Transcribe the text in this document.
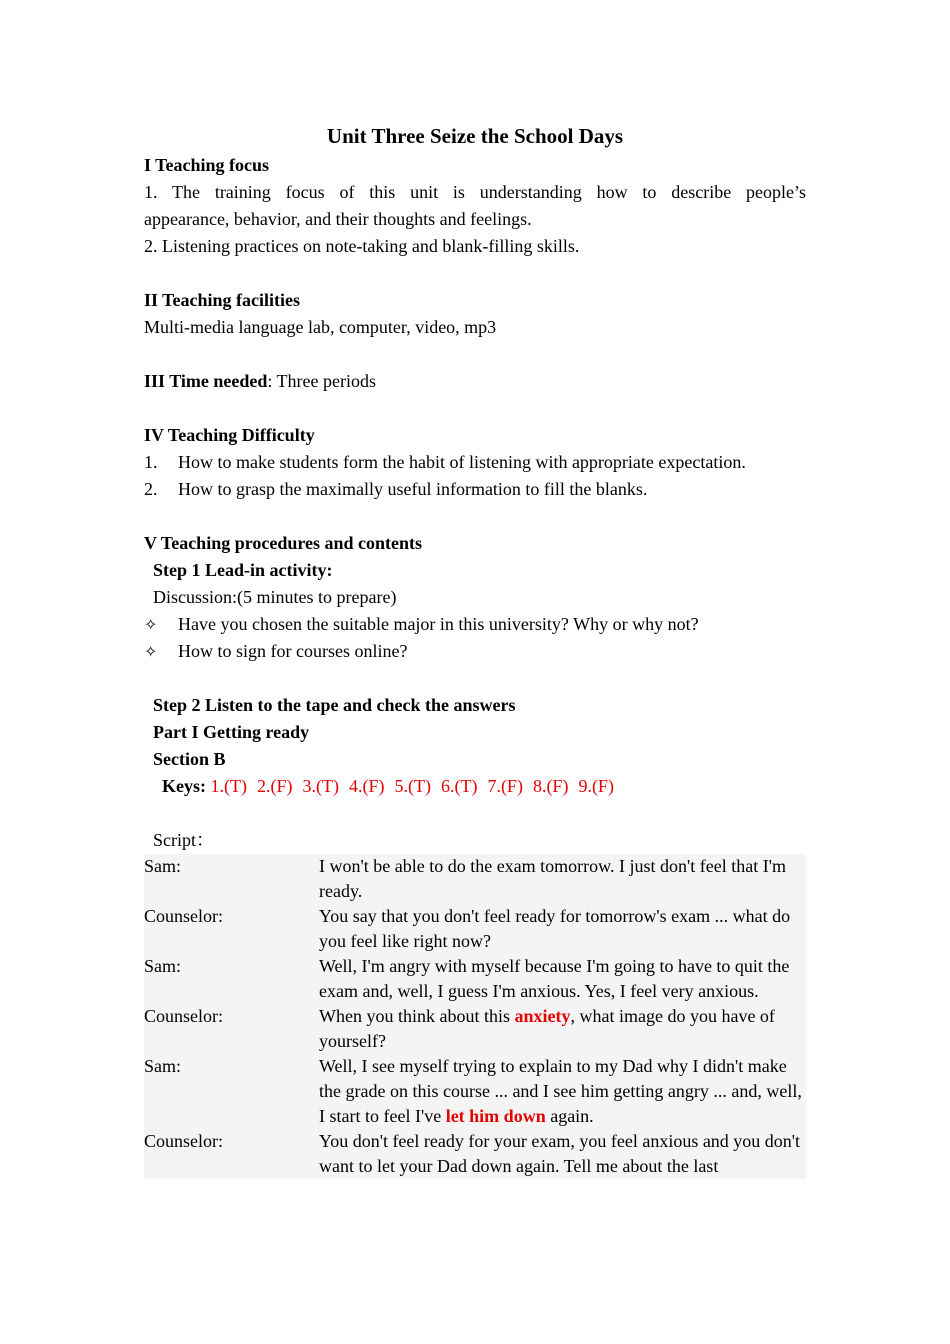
Unit Three Seize the School Days
I Teaching focus
1. The training focus of this unit is understanding how to describe people’s
appearance, behavior, and their thoughts and feelings.
2. Listening practices on note-taking and blank-filling skills.
II Teaching facilities
Multi-media language lab, computer, video, mp3
III Time needed: Three periods
IV Teaching Difficulty
1.	How to make students form the habit of listening with appropriate expectation.
2.	How to grasp the maximally useful information to fill the blanks.
V Teaching procedures and contents
Step 1 Lead-in activity:
Discussion:(5 minutes to prepare)
✧	Have you chosen the suitable major in this university? Why or why not?
✧	How to sign for courses online?
Step 2 Listen to the tape and check the answers
Part I Getting ready
Section B
Keys: 1.(T) 2.(F) 3.(T) 4.(F) 5.(T) 6.(T) 7.(F) 8.(F) 9.(F)
Script：
Sam:	I won't be able to do the exam tomorrow. I just don't feel that I'm ready.
Counselor:	You say that you don't feel ready for tomorrow's exam ... what do you feel like right now?
Sam:	Well, I'm angry with myself because I'm going to have to quit the exam and, well, I guess I'm anxious. Yes, I feel very anxious.
Counselor:	When you think about this anxiety, what image do you have of yourself?
Sam:	Well, I see myself trying to explain to my Dad why I didn't make the grade on this course ... and I see him getting angry ... and, well, I start to feel I've let him down again.
Counselor:	You don't feel ready for your exam, you feel anxious and you don't want to let your Dad down again. Tell me about the last
